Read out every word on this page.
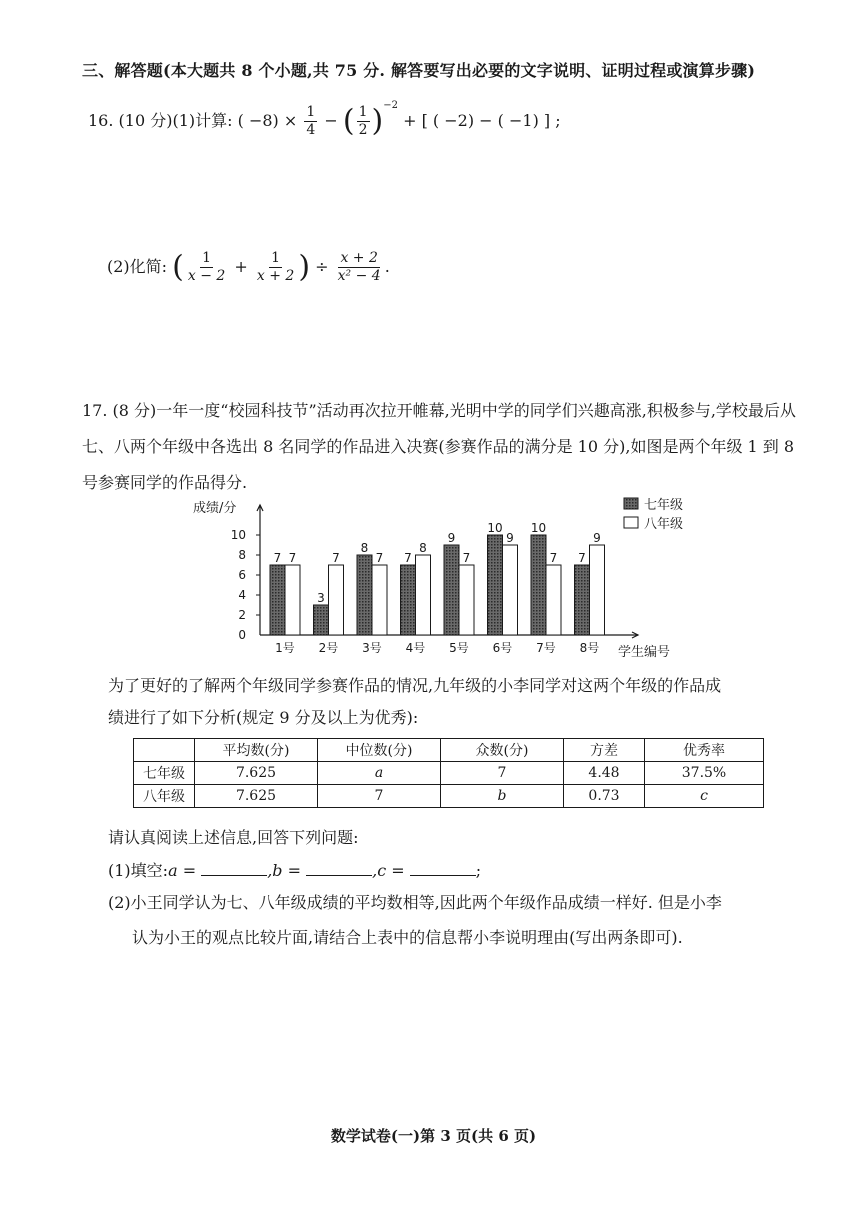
三、解答题(本大题共 8 个小题,共 75 分. 解答要写出必要的文字说明、证明过程或演算步骤)
16. (10 分)(1)计算: ( $-8) \times \frac{1}{4}$ − ( $\frac{1}{2} )^{-2}$ + [ ( −2) − ( −1) ] ;
(2)化简: ( $\frac{1}{x - 2} + \frac{1}{x + 2}$ ) ÷ $\frac{x + 2}{\text{x² − 4}}$ .
17. (8 分)一年一度“校园科技节”活动再次拉开帷幕,光明中学的同学们兴趣高涨,积极参与,学校最后从七、八两个年级中各选出 8 名同学的作品进入决赛(参赛作品的满分是 10 分),如图是两个年级 1 到 8 号参赛同学的作品得分.
0
2
4
6
8
10
成绩/分
学生编号
7 7
1号
3
7
2号
8
7
3号
7
8
4号
9
7
5号
10
9
6号
10
7
7号
7
9
8号
七年级
八年级
为了更好的了解两个年级同学参赛作品的情况,九年级的小李同学对这两个年级的作品成
绩进行了如下分析(规定 9 分及以上为优秀):
	平均数(分)	中位数(分)	众数(分)	方差	优秀率
七年级	7.625	a	7	4.48	37.5%
八年级	7.625	7	b	0.73	c
请认真阅读上述信息,回答下列问题:
(1)填空:a =	,b =	,c =	;
(2)小王同学认为七、八年级成绩的平均数相等,因此两个年级作品成绩一样好. 但是小李
认为小王的观点比较片面,请结合上表中的信息帮小李说明理由(写出两条即可).
数学试卷(一)第 3 页(共 6 页)
